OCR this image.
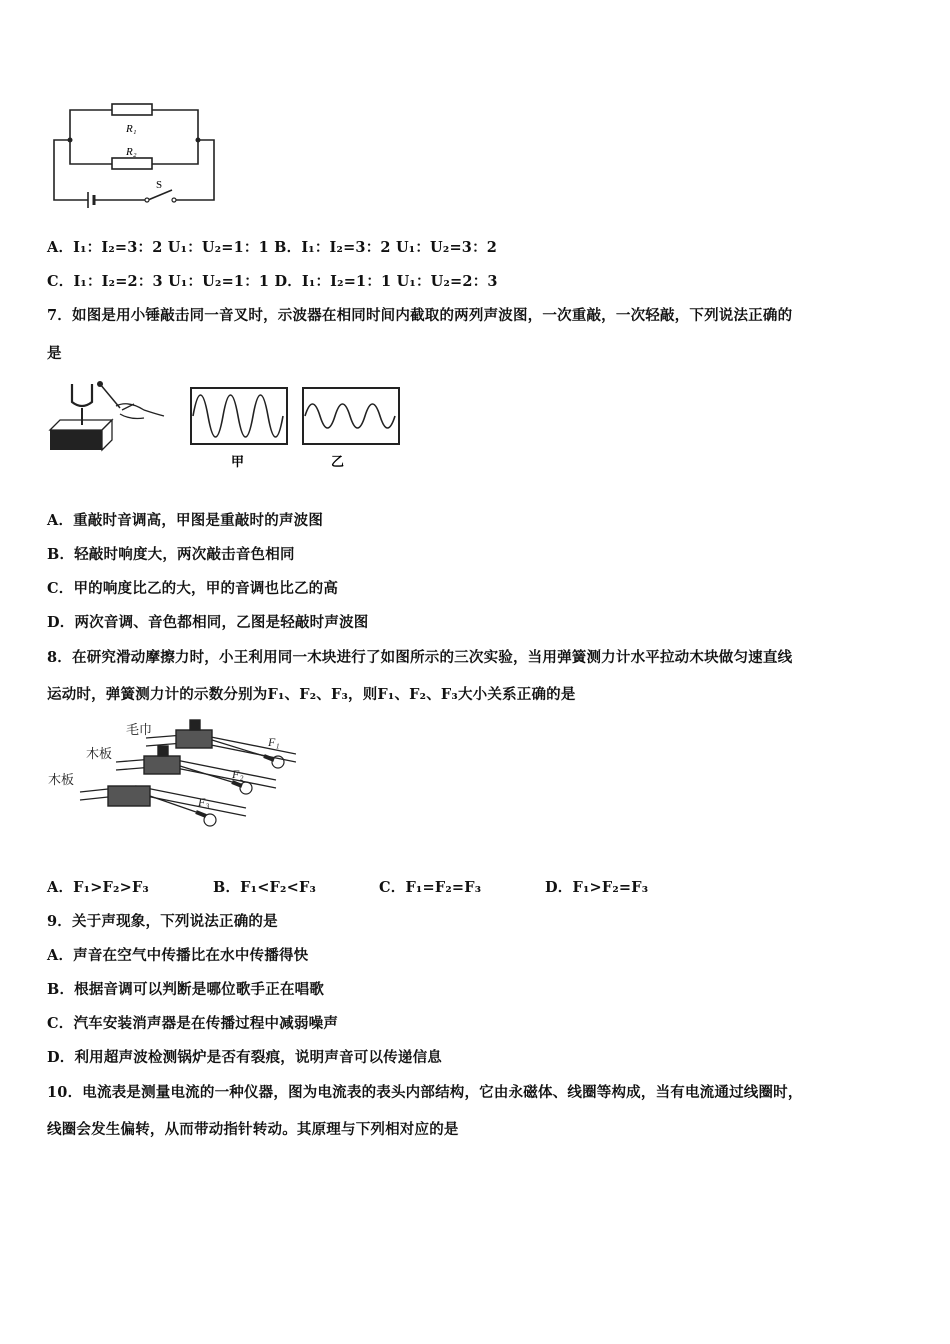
R₁
R₂
S
A．I₁：I₂=3：2 U₁：U₂=1：1 B．I₁：I₂=3：2 U₁：U₂=3：2
C．I₁：I₂=2：3 U₁：U₂=1：1 D．I₁：I₂=1：1 U₁：U₂=2：3
7．如图是用小锤敲击同一音叉时，示波器在相同时间内截取的两列声波图，一次重敲，一次轻敲，下列说法正确的
是
甲	乙
A．重敲时音调高，甲图是重敲时的声波图
B．轻敲时响度大，两次敲击音色相同
C．甲的响度比乙的大，甲的音调也比乙的高
D．两次音调、音色都相同，乙图是轻敲时声波图
8．在研究滑动摩擦力时，小王利用同一木块进行了如图所示的三次实验，当用弹簧测力计水平拉动木块做匀速直线
运动时，弹簧测力计的示数分别为F₁、F₂、F₃，则F₁、F₂、F₃大小关系正确的是
毛巾
木板
木板
F₁
F₂
F₃
A．F₁>F₂>F₃	B．F₁<F₂<F₃	C．F₁=F₂=F₃	D．F₁>F₂=F₃
9．关于声现象，下列说法正确的是
A．声音在空气中传播比在水中传播得快
B．根据音调可以判断是哪位歌手正在唱歌
C．汽车安装消声器是在传播过程中减弱噪声
D．利用超声波检测锅炉是否有裂痕，说明声音可以传递信息
10．电流表是测量电流的一种仪器，图为电流表的表头内部结构，它由永磁体、线圈等构成，当有电流通过线圈时，
线圈会发生偏转，从而带动指针转动。其原理与下列相对应的是
